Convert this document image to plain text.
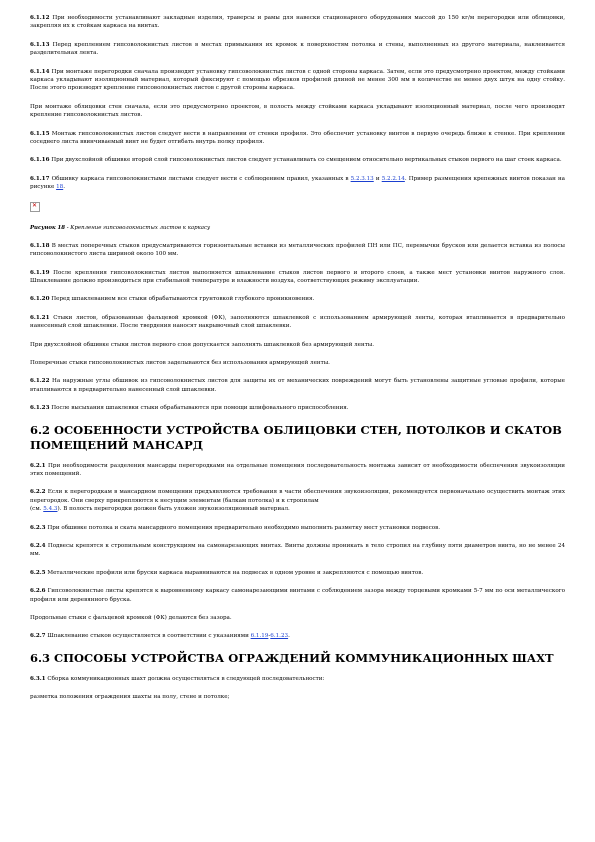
6.1.12 При необходимости устанавливают закладные изделия, траверсы и рамы для навески стационарного оборудования массой до 150 кг/м перегородки или облицовки, закрепляя их к стойкам каркаса на винтах.

6.1.13 Перед креплением гипсоволокнистых листов в местах примыкания их кромок к поверхностям потолка и стены, выполненных из другого материала, наклеивается разделительная лента.

6.1.14 При монтаже перегородки сначала производят установку гипсоволокнистых листов с одной стороны каркаса. Затем, если это предусмотрено проектом, между стойками каркаса укладывают изоляционный материал, который фиксируют с помощью обрезков профилей длиной не менее 300 мм в количестве не менее двух штук на одну стойку. После этого производят крепление гипсоволокнистых листов с другой стороны каркаса.

При монтаже облицовки стен сначала, если это предусмотрено проектом, в полость между стойками каркаса укладывают изоляционный материал, после чего производят крепление гипсоволокнистых листов.

6.1.15 Монтаж гипсоволокнистых листов следует вести в направлении от стенки профиля. Это обеспечит установку винтов в первую очередь ближе к стенке. При креплении соседнего листа ввинчиваемый винт не будет отгибать внутрь полку профиля.

6.1.16 При двухслойной обшивке второй слой гипсоволокнистых листов следует устанавливать со смещением относительно вертикальных стыков первого на шаг стоек каркаса.

6.1.17 Обшивку каркаса гипсоволокнистыми листами следует вести с соблюдением правил, указанных в 5.2.3.13 и 5.2.2.14. Пример размещения крепежных винтов показан на рисунке 18.

✕

Рисунок 18 - Крепление гипсоволокнистых листов к каркасу

6.1.18 В местах поперечных стыков предусматриваются горизонтальные вставки из металлических профилей ПН или ПС, перемычки брусков или делается вставка из полосы гипсоволокнистого листа шириной около 100 мм.

6.1.19 После крепления гипсоволокнистых листов выполняется шпаклевание стыков листов первого и второго слоев, а также мест установки винтов наружного слоя. Шпаклевание должно производиться при стабильной температуре и влажности воздуха, соответствующих режиму эксплуатации.

6.1.20 Перед шпаклеванием все стыки обрабатываются грунтовкой глубокого проникновения.

6.1.21 Стыки листов, образованные фальцевой кромкой (ФК), заполняются шпаклевкой с использованием армирующей ленты, которая втапливается в предварительно нанесенный слой шпаклевки. После твердения наносят накрывочный слой шпаклевки.

При двухслойной обшивке стыки листов первого слоя допускается заполнять шпаклевкой без армирующей ленты.

Поперечные стыки гипсоволокнистых листов заделываются без использования армирующей ленты.

6.1.22 На наружные углы обшивок из гипсоволокнистых листов для защиты их от механических повреждений могут быть установлены защитные угловые профили, которые втапливаются в предварительно нанесенный слой шпаклевки.

6.1.23 После высыхания шпаклевки стыки обрабатываются при помощи шлифовального приспособления.

6.2 ОСОБЕННОСТИ УСТРОЙСТВА ОБЛИЦОВКИ СТЕН, ПОТОЛКОВ И СКАТОВ ПОМЕЩЕНИЙ МАНСАРД

6.2.1 При необходимости разделения мансарды перегородками на отдельные помещения последовательность монтажа зависит от необходимости обеспечения звукоизоляции этих помещений.

6.2.2 Если к перегородкам в мансардном помещении предъявляются требования в части обеспечения звукоизоляции, рекомендуется первоначально осуществить монтаж этих перегородок. Они сверху прикрепляются к несущим элементам (балкам потолка) и к стропилам

(см. 5.4.3). В полость перегородки должен быть уложен звукоизоляционный материал.

6.2.3 При обшивке потолка и ската мансардного помещения предварительно необходимо выполнить разметку мест установки подвесов.

6.2.4 Подвесы крепятся к стропильным конструкциям на самонарезающих винтах. Винты должны проникать в тело стропил на глубину пяти диаметров винта, но не менее 24 мм.

6.2.5 Металлические профили или бруски каркаса выравниваются на подвесах в одном уровне и закрепляются с помощью винтов.

6.2.6 Гипсоволокнистые листы крепятся к выровненному каркасу самонарезающими винтами с соблюдением зазора между торцевыми кромками 5-7 мм по оси металлического профиля или деревянного бруска.

Продольные стыки с фальцевой кромкой (ФК) делаются без зазора.

6.2.7 Шпаклевание стыков осуществляется в соответствии с указаниями 6.1.19-6.1.23.

6.3 СПОСОБЫ УСТРОЙСТВА ОГРАЖДЕНИЙ КОММУНИКАЦИОННЫХ ШАХТ

6.3.1 Сборка коммуникационных шахт должна осуществляться в следующей последовательности:

разметка положения ограждения шахты на полу, стене и потолке;
